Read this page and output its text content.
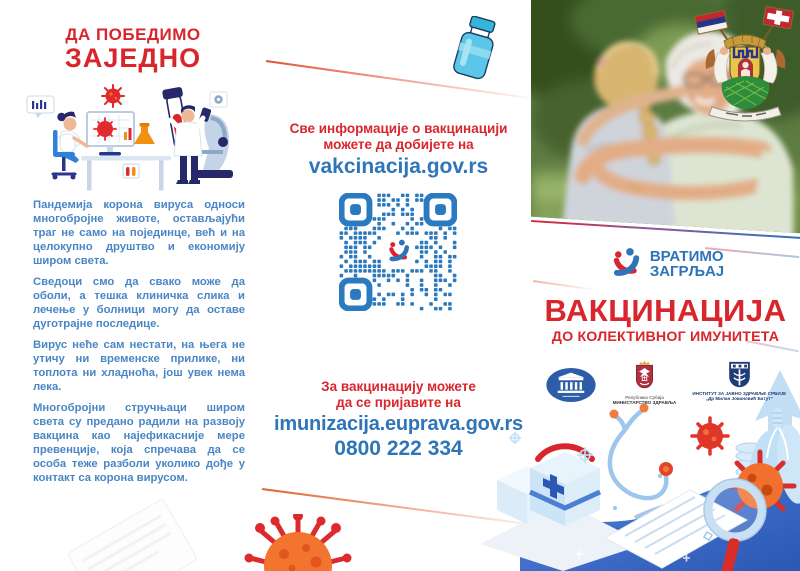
ДА ПОБЕДИМО
ЗАЈЕДНО

Пандемија корона вируса односи многобројне животе, остављајући траг не само на појединце, већ и на целокупно друштво и економију широм света.

Сведоци смо да свако може да оболи, а тешка клиничка слика и лечење у болници могу да оставе дуготрајне последице.

Вирус неће сам нестати, на њега не утичу ни временске прилике, ни топлота ни хладноћа, још увек нема лека.

Многобројни стручњаци широм света су предано радили на развоју вакцина као најефикасније мере превенције, која спречава да се особа теже разболи уколико дође у контакт са корона вирусом.

Све информације о вакцинацији
можете да добијете на
vakcinacija.gov.rs
За вакцинацију можете
да се пријавите на
imunizacija.euprava.gov.rs
0800 222 334
ВРАТИМО
ЗАГРЉАЈ
ВАКЦИНАЦИЈА
ДО КОЛЕКТИВНОГ ИМУНИТЕТА
Република Србија
МИНИСТАРСТВО ЗДРАВЉА
ИНСТИТУТ ЗА ЈАВНО ЗДРАВЉЕ СРБИЈЕ
„Др Милан Јовановић Батут“
